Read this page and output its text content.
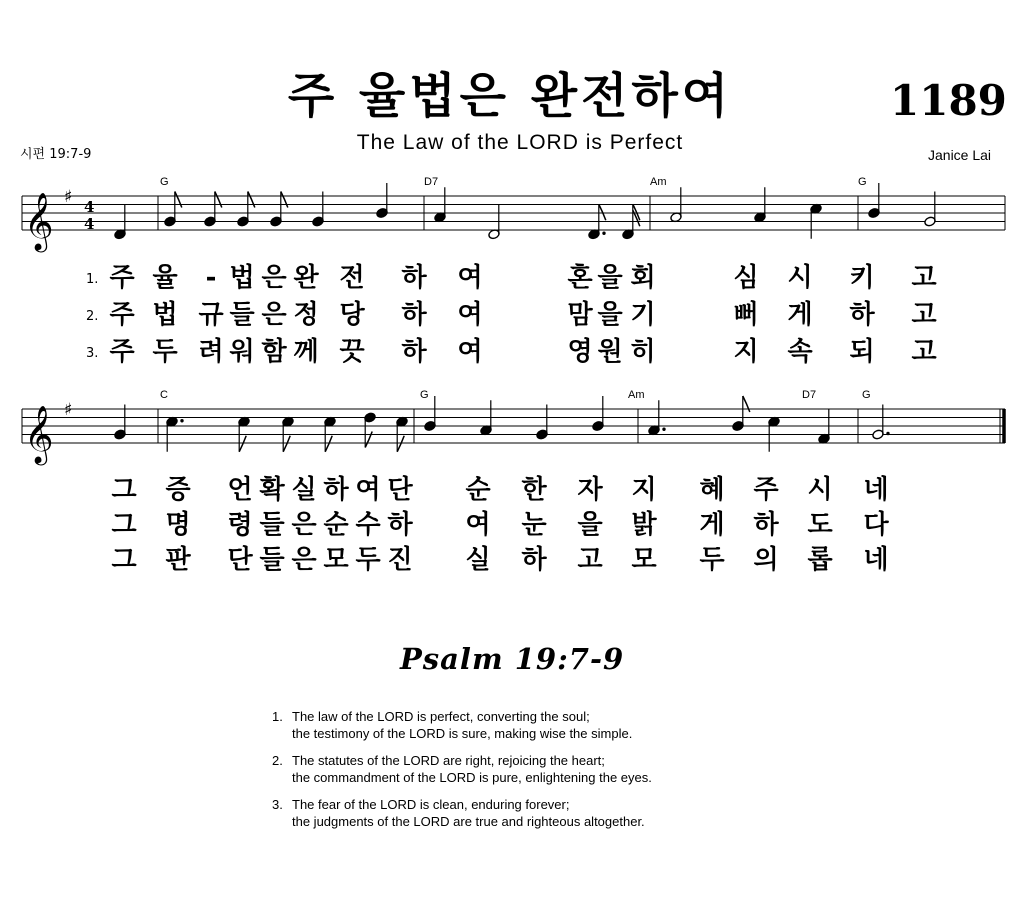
주 율법은 완전하여	1189
The Law of the LORD is Perfect
시편 19:7-9	Janice Lai
𝄞 ♯ 4
4
𝄞 ♯
G	D7	Am	G
C	G	Am	D7	G
1. 주 율 - 법 은 완 전 하 여	혼 을 회	심 시 키 고
2. 주 법 규 들 은 정 당 하 여	맘 을 기	뻐 게 하 고
3. 주 두 려 워 함 께 끗 하 여	영 원 히	지 속 되 고
그 증 언 확 실 하 여 단 순 한 자 지 혜 주 시 네
그 명 령 들 은 순 수 하 여 눈 을 밝 게 하 도 다
그 판 단 들 은 모 두 진 실 하 고 모 두 의 롭 네
Psalm 19:7-9
1. The law of the LORD is perfect, converting the soul;
the testimony of the LORD is sure, making wise the simple.
2. The statutes of the LORD are right, rejoicing the heart;
the commandment of the LORD is pure, enlightening the eyes.
3. The fear of the LORD is clean, enduring forever;
the judgments of the LORD are true and righteous altogether.
